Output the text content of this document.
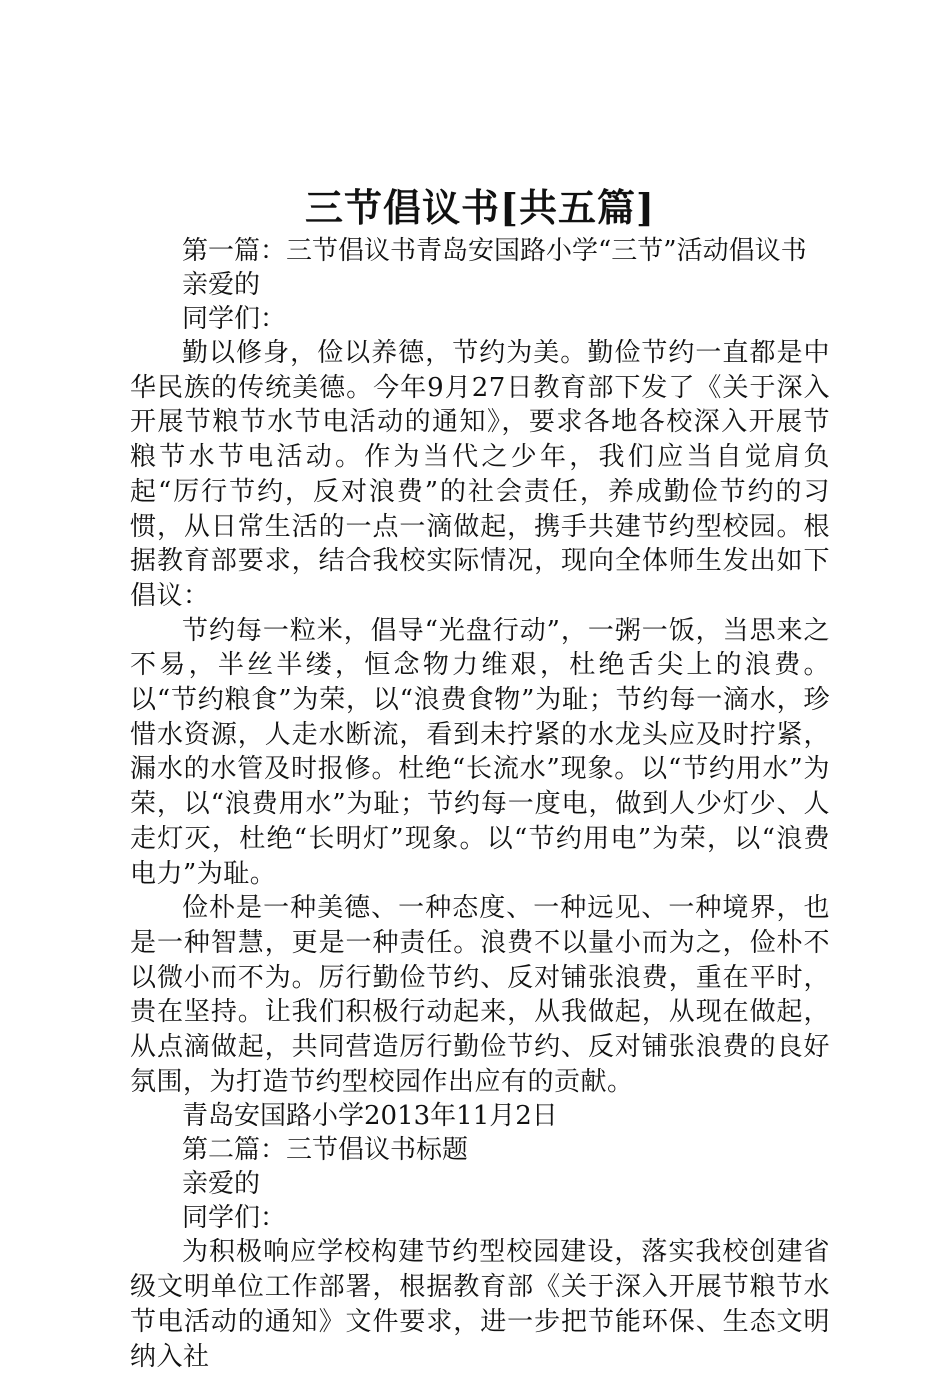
三节倡议书[共五篇]

第一篇：三节倡议书青岛安国路小学“三节”活动倡议书

亲爱的

同学们：

勤以修身，俭以养德，节约为美。勤俭节约一直都是中华民族的传统美德。今年9月27日教育部下发了《关于深入开展节粮节水节电活动的通知》，要求各地各校深入开展节粮节水节电活动。作为当代之少年，我们应当自觉肩负起“厉行节约，反对浪费”的社会责任，养成勤俭节约的习惯，从日常生活的一点一滴做起，携手共建节约型校园。根据教育部要求，结合我校实际情况，现向全体师生发出如下倡议：

节约每一粒米，倡导“光盘行动”，一粥一饭，当思来之不易，半丝半缕，恒念物力维艰，杜绝舌尖上的浪费。以“节约粮食”为荣，以“浪费食物”为耻；节约每一滴水，珍惜水资源，人走水断流，看到未拧紧的水龙头应及时拧紧，漏水的水管及时报修。杜绝“长流水”现象。以“节约用水”为荣，以“浪费用水”为耻；节约每一度电，做到人少灯少、人走灯灭，杜绝“长明灯”现象。以“节约用电”为荣，以“浪费电力”为耻。

俭朴是一种美德、一种态度、一种远见、一种境界，也是一种智慧，更是一种责任。浪费不以量小而为之，俭朴不以微小而不为。厉行勤俭节约、反对铺张浪费，重在平时，贵在坚持。让我们积极行动起来，从我做起，从现在做起，从点滴做起，共同营造厉行勤俭节约、反对铺张浪费的良好氛围，为打造节约型校园作出应有的贡献。

青岛安国路小学2013年11月2日

第二篇：三节倡议书标题

亲爱的

同学们：

为积极响应学校构建节约型校园建设，落实我校创建省级文明单位工作部署，根据教育部《关于深入开展节粮节水节电活动的通知》文件要求，进一步把节能环保、生态文明纳入社
